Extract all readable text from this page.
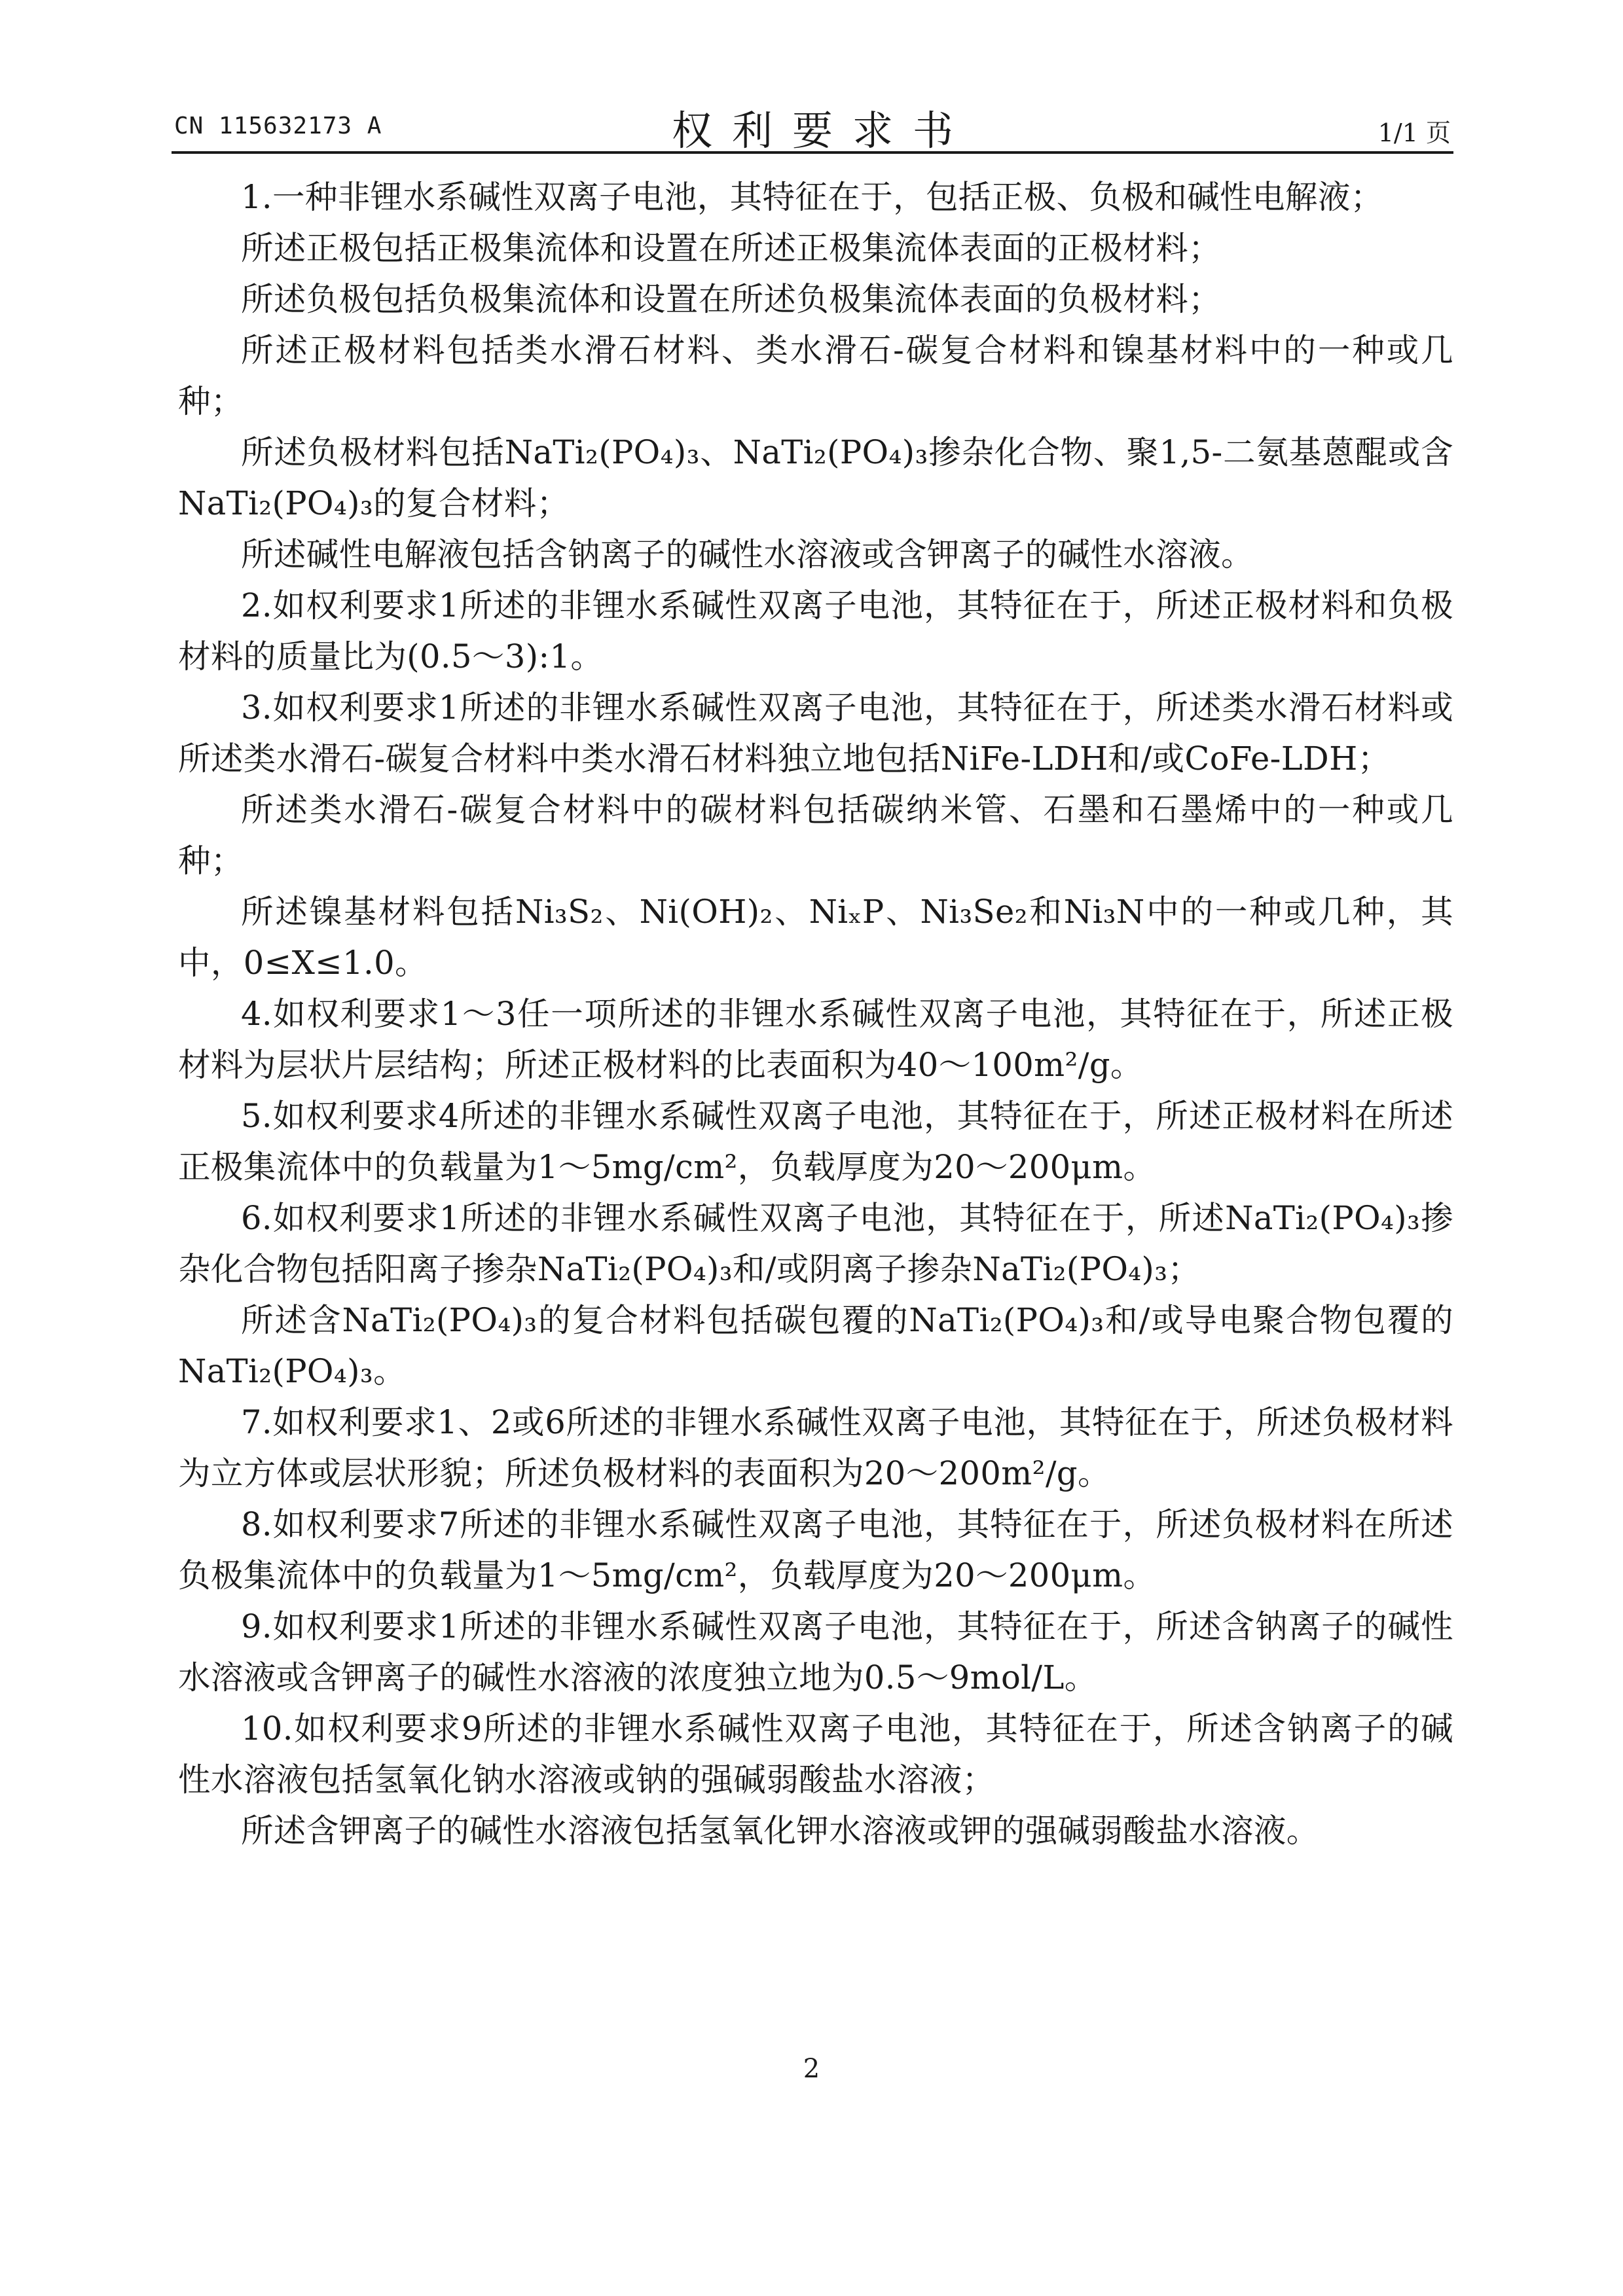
CN 115632173 A	权利要求书	1/1 页

1.一种非锂水系碱性双离子电池，其特征在于，包括正极、负极和碱性电解液；

所述正极包括正极集流体和设置在所述正极集流体表面的正极材料；

所述负极包括负极集流体和设置在所述负极集流体表面的负极材料；

所述正极材料包括类水滑石材料、类水滑石-碳复合材料和镍基材料中的一种或几种；

所述负极材料包括NaTi₂(PO₄)₃、NaTi₂(PO₄)₃掺杂化合物、聚1,5-二氨基蒽醌或含NaTi₂(PO₄)₃的复合材料；

所述碱性电解液包括含钠离子的碱性水溶液或含钾离子的碱性水溶液。

2.如权利要求1所述的非锂水系碱性双离子电池，其特征在于，所述正极材料和负极材料的质量比为(0.5～3):1。

3.如权利要求1所述的非锂水系碱性双离子电池，其特征在于，所述类水滑石材料或所述类水滑石-碳复合材料中类水滑石材料独立地包括NiFe-LDH和/或CoFe-LDH；

所述类水滑石-碳复合材料中的碳材料包括碳纳米管、石墨和石墨烯中的一种或几种；

所述镍基材料包括Ni₃S₂、Ni(OH)₂、NiₓP、Ni₃Se₂和Ni₃N中的一种或几种，其中，0≤X≤1.0。

4.如权利要求1～3任一项所述的非锂水系碱性双离子电池，其特征在于，所述正极材料为层状片层结构；所述正极材料的比表面积为40～100m²/g。

5.如权利要求4所述的非锂水系碱性双离子电池，其特征在于，所述正极材料在所述正极集流体中的负载量为1～5mg/cm²，负载厚度为20～200μm。

6.如权利要求1所述的非锂水系碱性双离子电池，其特征在于，所述NaTi₂(PO₄)₃掺杂化合物包括阳离子掺杂NaTi₂(PO₄)₃和/或阴离子掺杂NaTi₂(PO₄)₃；

所述含NaTi₂(PO₄)₃的复合材料包括碳包覆的NaTi₂(PO₄)₃和/或导电聚合物包覆的NaTi₂(PO₄)₃。

7.如权利要求1、2或6所述的非锂水系碱性双离子电池，其特征在于，所述负极材料为立方体或层状形貌；所述负极材料的表面积为20～200m²/g。

8.如权利要求7所述的非锂水系碱性双离子电池，其特征在于，所述负极材料在所述负极集流体中的负载量为1～5mg/cm²，负载厚度为20～200μm。

9.如权利要求1所述的非锂水系碱性双离子电池，其特征在于，所述含钠离子的碱性水溶液或含钾离子的碱性水溶液的浓度独立地为0.5～9mol/L。

10.如权利要求9所述的非锂水系碱性双离子电池，其特征在于，所述含钠离子的碱性水溶液包括氢氧化钠水溶液或钠的强碱弱酸盐水溶液；

所述含钾离子的碱性水溶液包括氢氧化钾水溶液或钾的强碱弱酸盐水溶液。

2
